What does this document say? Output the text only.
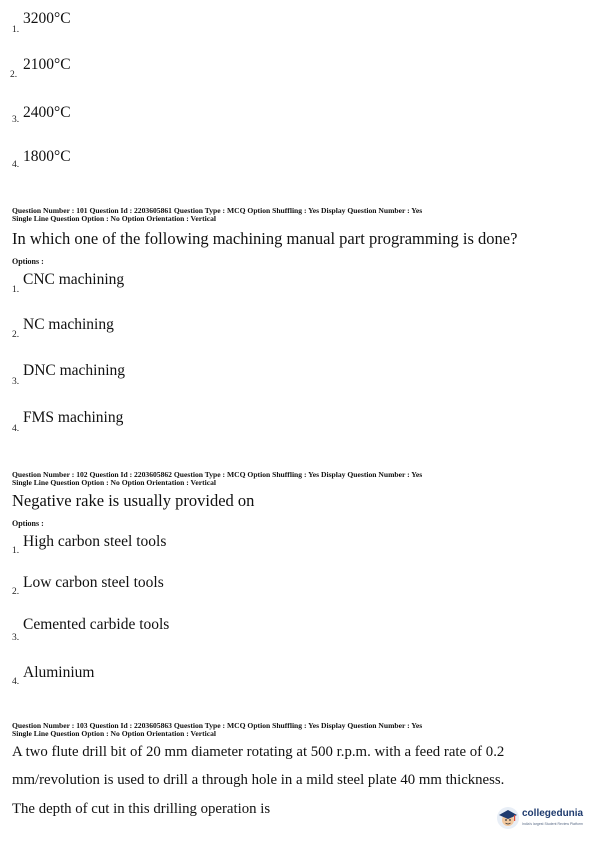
1.
3200°C
2.
2100°C
3. 2400°C
4. 1800°C
Question Number : 101 Question Id : 2203605861 Question Type : MCQ Option Shuffling : Yes Display Question Number : Yes
Single Line Question Option : No Option Orientation : Vertical
In which one of the following machining manual part programming is done?
Options :
1.
CNC machining
2.
NC machining
3.
DNC machining
4.
FMS machining
Question Number : 102 Question Id : 2203605862 Question Type : MCQ Option Shuffling : Yes Display Question Number : Yes
Single Line Question Option : No Option Orientation : Vertical
Negative rake is usually provided on
Options :
1.
High carbon steel tools
2.
Low carbon steel tools
3.
Cemented carbide tools
4.
Aluminium
Question Number : 103 Question Id : 2203605863 Question Type : MCQ Option Shuffling : Yes Display Question Number : Yes
Single Line Question Option : No Option Orientation : Vertical
A two flute drill bit of 20 mm diameter rotating at 500 r.p.m. with a feed rate of 0.2
mm/revolution is used to drill a through hole in a mild steel plate 40 mm thickness.
The depth of cut in this drilling operation is	collegedunia
India's largest Student Review Platform
